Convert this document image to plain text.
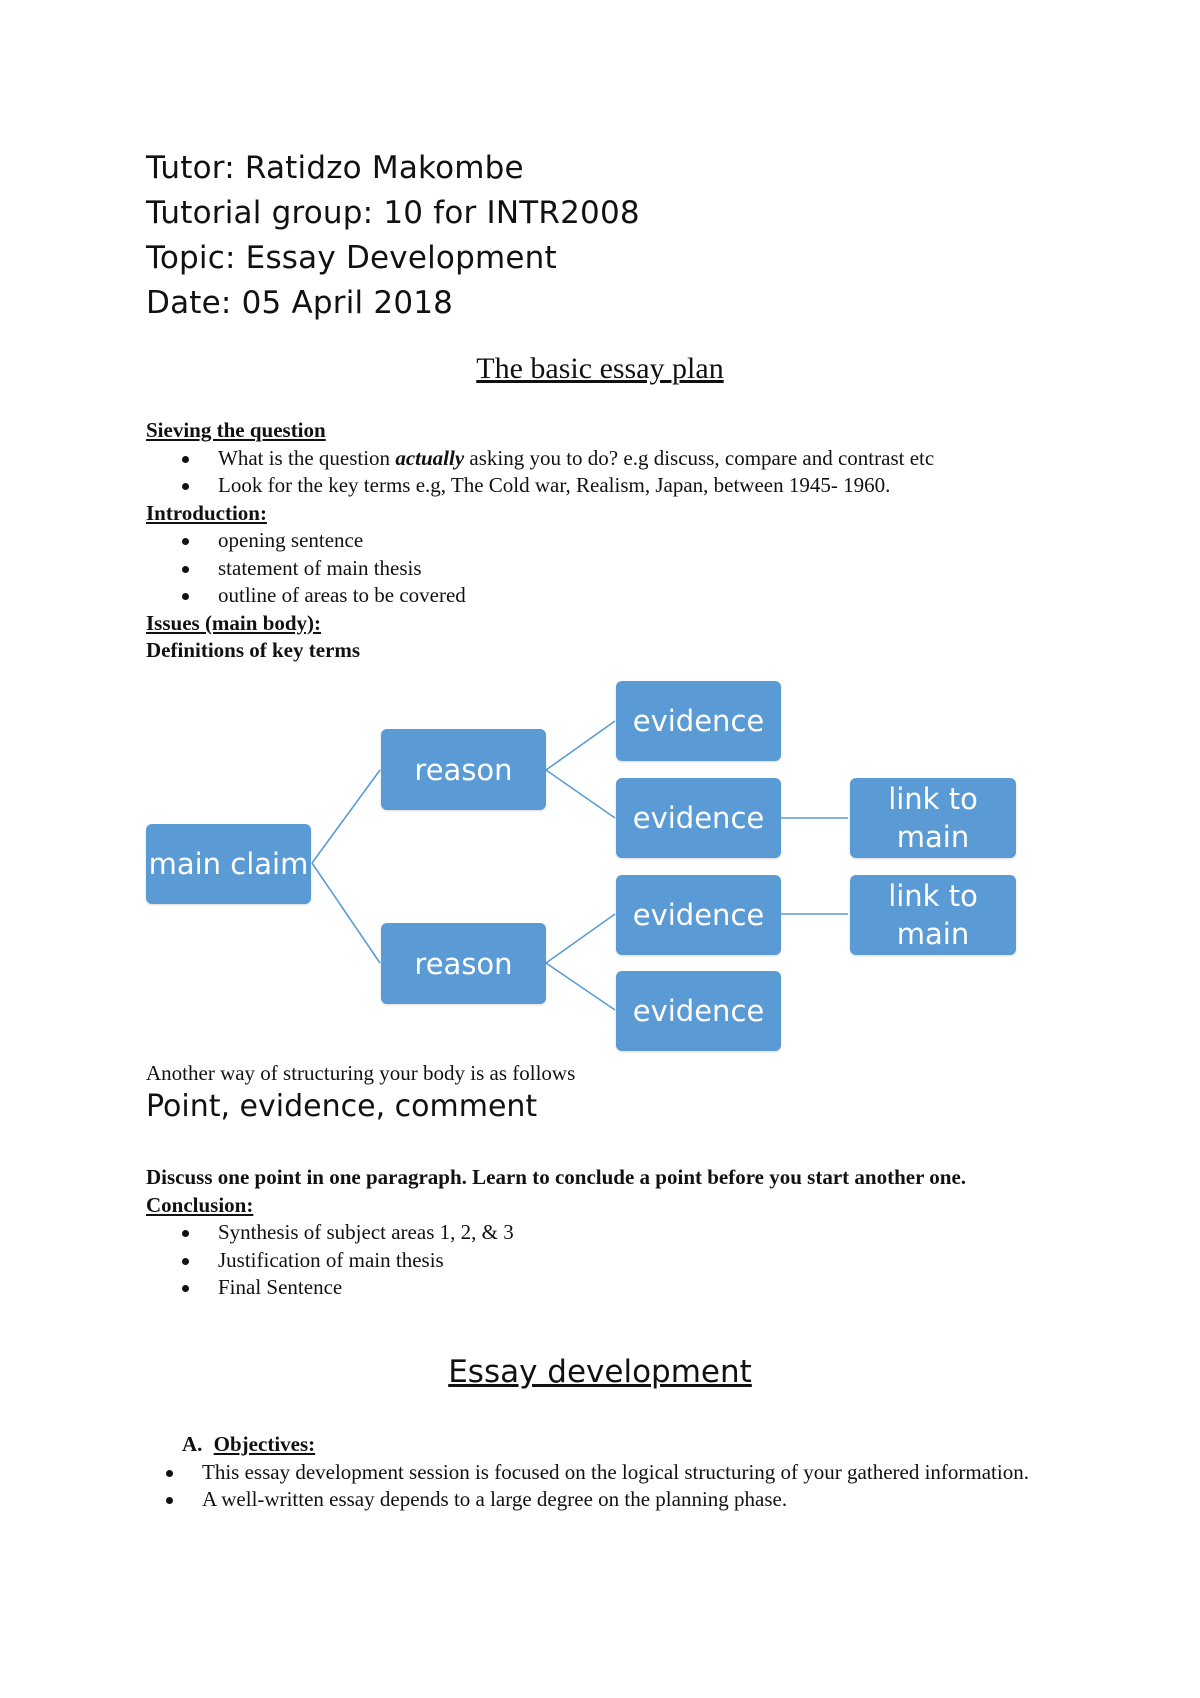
Tutor: Ratidzo Makombe
Tutorial group: 10 for INTR2008
Topic: Essay Development
Date: 05 April 2018
The basic essay plan
Sieving the question
What is the question actually asking you to do? e.g discuss, compare and contrast etc
Look for the key terms e.g, The Cold war, Realism, Japan, between 1945- 1960.
Introduction:
opening sentence
statement of main thesis
outline of areas to be covered
Issues (main body):
Definitions of key terms
main claim
reason
reason
evidence
evidence
evidence
evidence
link to main
link to main
Another way of structuring your body is as follows
Point, evidence, comment
Discuss one point in one paragraph. Learn to conclude a point before you start another one.
Conclusion:
Synthesis of subject areas 1, 2, & 3
Justification of main thesis
Final Sentence
Essay development
A. Objectives:
This essay development session is focused on the logical structuring of your gathered information.
A well-written essay depends to a large degree on the planning phase.
